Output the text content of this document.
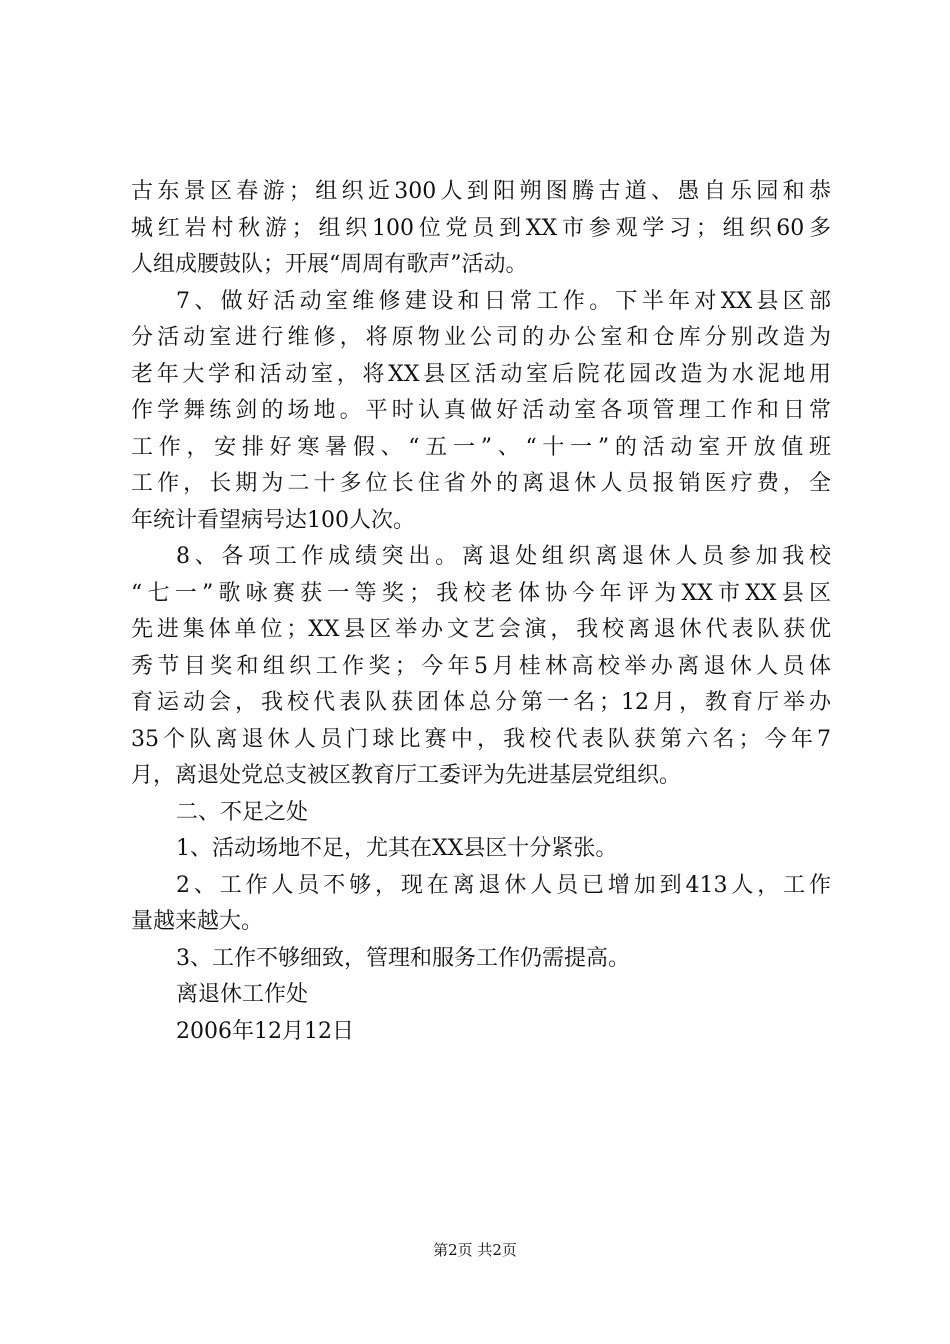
古东景区春游；组织近300人到阳朔图腾古道、愚自乐园和恭
城红岩村秋游；组织100位党员到XX市参观学习；组织60多
人组成腰鼓队；开展“周周有歌声”活动。
7、做好活动室维修建设和日常工作。下半年对XX县区部
分活动室进行维修，将原物业公司的办公室和仓库分别改造为
老年大学和活动室，将XX县区活动室后院花园改造为水泥地用
作学舞练剑的场地。平时认真做好活动室各项管理工作和日常
工作，安排好寒暑假、“五一”、“十一”的活动室开放值班
工作，长期为二十多位长住省外的离退休人员报销医疗费，全
年统计看望病号达100人次。
8、各项工作成绩突出。离退处组织离退休人员参加我校
“七一”歌咏赛获一等奖；我校老体协今年评为XX市XX县区
先进集体单位；XX县区举办文艺会演，我校离退休代表队获优
秀节目奖和组织工作奖；今年5月桂林高校举办离退休人员体
育运动会，我校代表队获团体总分第一名；12月，教育厅举办
35个队离退休人员门球比赛中，我校代表队获第六名；今年7
月，离退处党总支被区教育厅工委评为先进基层党组织。
二、不足之处
1、活动场地不足，尤其在XX县区十分紧张。
2、工作人员不够，现在离退休人员已增加到413人，工作
量越来越大。
3、工作不够细致，管理和服务工作仍需提高。
离退休工作处
2006年12月12日
第2页 共2页
